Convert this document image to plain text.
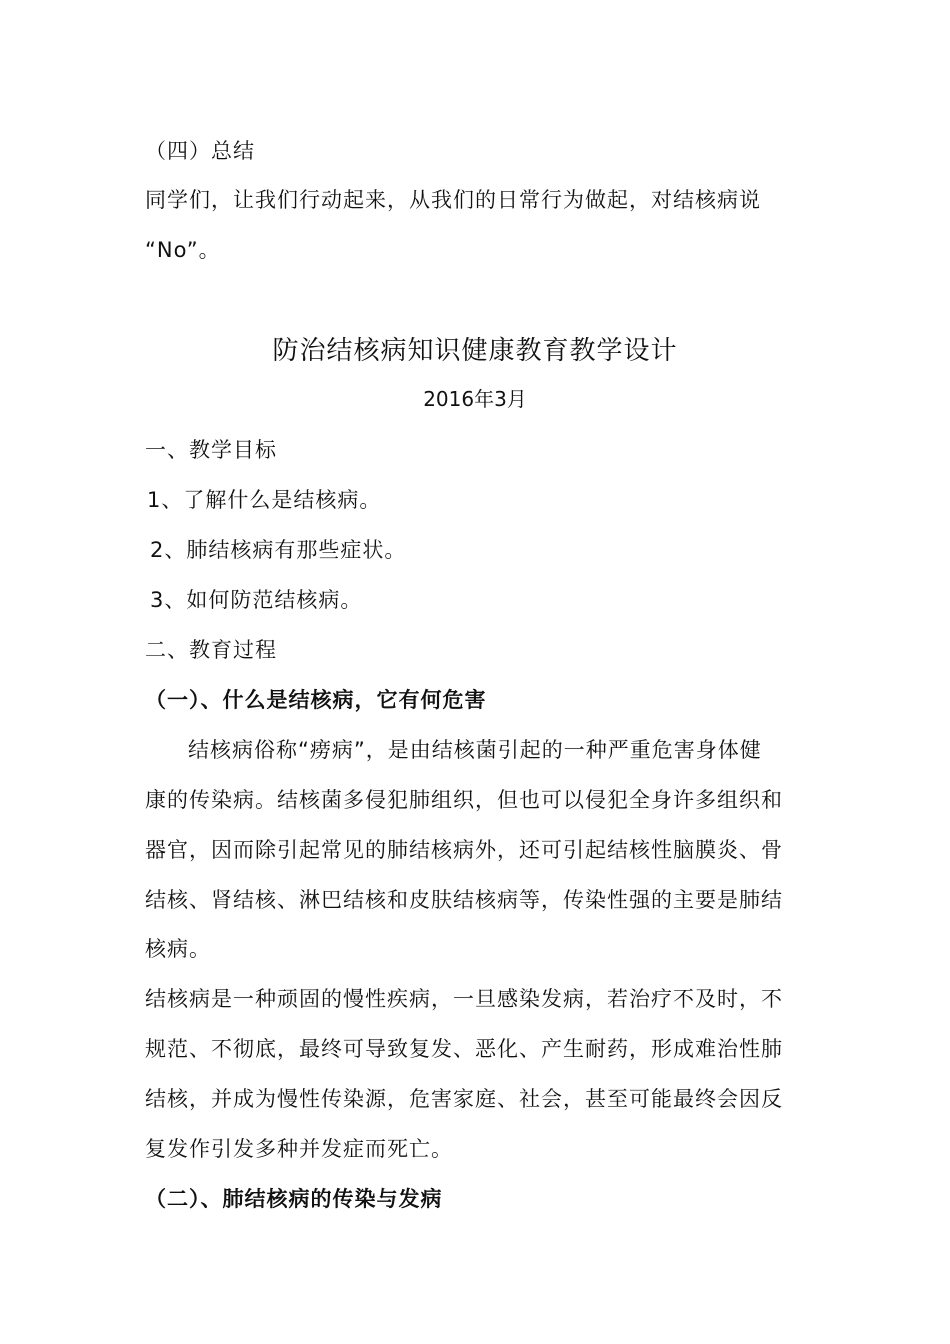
（四）总结
同学们，让我们行动起来，从我们的日常行为做起，对结核病说
“No”。
防治结核病知识健康教育教学设计
2016年3月
一、教学目标
1、了解什么是结核病。
2、肺结核病有那些症状。
3、如何防范结核病。
二、教育过程
（一）、什么是结核病，它有何危害
结核病俗称“痨病”，是由结核菌引起的一种严重危害身体健
康的传染病。结核菌多侵犯肺组织，但也可以侵犯全身许多组织和
器官，因而除引起常见的肺结核病外，还可引起结核性脑膜炎、骨
结核、肾结核、淋巴结核和皮肤结核病等，传染性强的主要是肺结
核病。
结核病是一种顽固的慢性疾病，一旦感染发病，若治疗不及时，不
规范、不彻底，最终可导致复发、恶化、产生耐药，形成难治性肺
结核，并成为慢性传染源，危害家庭、社会，甚至可能最终会因反
复发作引发多种并发症而死亡。
（二）、肺结核病的传染与发病
